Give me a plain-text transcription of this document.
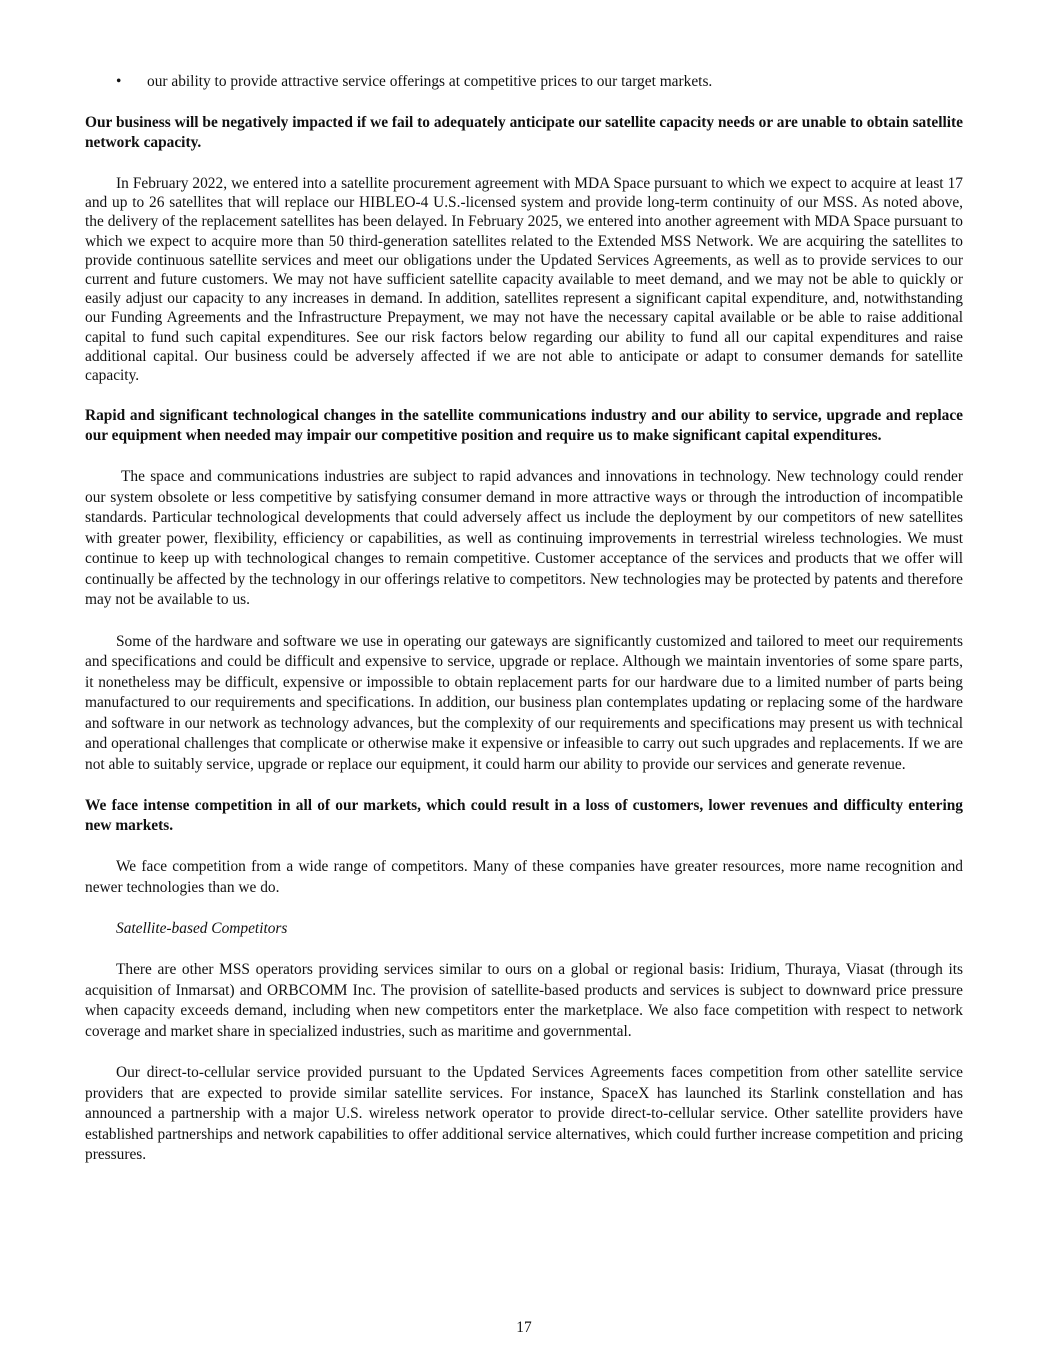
•	our ability to provide attractive service offerings at competitive prices to our target markets.
Our business will be negatively impacted if we fail to adequately anticipate our satellite capacity needs or are unable to obtain satellite network capacity.
In February 2022, we entered into a satellite procurement agreement with MDA Space pursuant to which we expect to acquire at least 17 and up to 26 satellites that will replace our HIBLEO-4 U.S.-licensed system and provide long-term continuity of our MSS. As noted above, the delivery of the replacement satellites has been delayed. In February 2025, we entered into another agreement with MDA Space pursuant to which we expect to acquire more than 50 third-generation satellites related to the Extended MSS Network. We are acquiring the satellites to provide continuous satellite services and meet our obligations under the Updated Services Agreements, as well as to provide services to our current and future customers. We may not have sufficient satellite capacity available to meet demand, and we may not be able to quickly or easily adjust our capacity to any increases in demand. In addition, satellites represent a significant capital expenditure, and, notwithstanding our Funding Agreements and the Infrastructure Prepayment, we may not have the necessary capital available or be able to raise additional capital to fund such capital expenditures. See our risk factors below regarding our ability to fund all our capital expenditures and raise additional capital. Our business could be adversely affected if we are not able to anticipate or adapt to consumer demands for satellite capacity.
Rapid and significant technological changes in the satellite communications industry and our ability to service, upgrade and replace our equipment when needed may impair our competitive position and require us to make significant capital expenditures.
The space and communications industries are subject to rapid advances and innovations in technology. New technology could render our system obsolete or less competitive by satisfying consumer demand in more attractive ways or through the introduction of incompatible standards. Particular technological developments that could adversely affect us include the deployment by our competitors of new satellites with greater power, flexibility, efficiency or capabilities, as well as continuing improvements in terrestrial wireless technologies. We must continue to keep up with technological changes to remain competitive. Customer acceptance of the services and products that we offer will continually be affected by the technology in our offerings relative to competitors. New technologies may be protected by patents and therefore may not be available to us.
Some of the hardware and software we use in operating our gateways are significantly customized and tailored to meet our requirements and specifications and could be difficult and expensive to service, upgrade or replace. Although we maintain inventories of some spare parts, it nonetheless may be difficult, expensive or impossible to obtain replacement parts for our hardware due to a limited number of parts being manufactured to our requirements and specifications. In addition, our business plan contemplates updating or replacing some of the hardware and software in our network as technology advances, but the complexity of our requirements and specifications may present us with technical and operational challenges that complicate or otherwise make it expensive or infeasible to carry out such upgrades and replacements. If we are not able to suitably service, upgrade or replace our equipment, it could harm our ability to provide our services and generate revenue.
We face intense competition in all of our markets, which could result in a loss of customers, lower revenues and difficulty entering new markets.
We face competition from a wide range of competitors. Many of these companies have greater resources, more name recognition and newer technologies than we do.
Satellite-based Competitors
There are other MSS operators providing services similar to ours on a global or regional basis: Iridium, Thuraya, Viasat (through its acquisition of Inmarsat) and ORBCOMM Inc. The provision of satellite-based products and services is subject to downward price pressure when capacity exceeds demand, including when new competitors enter the marketplace. We also face competition with respect to network coverage and market share in specialized industries, such as maritime and governmental.
Our direct-to-cellular service provided pursuant to the Updated Services Agreements faces competition from other satellite service providers that are expected to provide similar satellite services. For instance, SpaceX has launched its Starlink constellation and has announced a partnership with a major U.S. wireless network operator to provide direct-to-cellular service. Other satellite providers have established partnerships and network capabilities to offer additional service alternatives, which could further increase competition and pricing pressures.
17
